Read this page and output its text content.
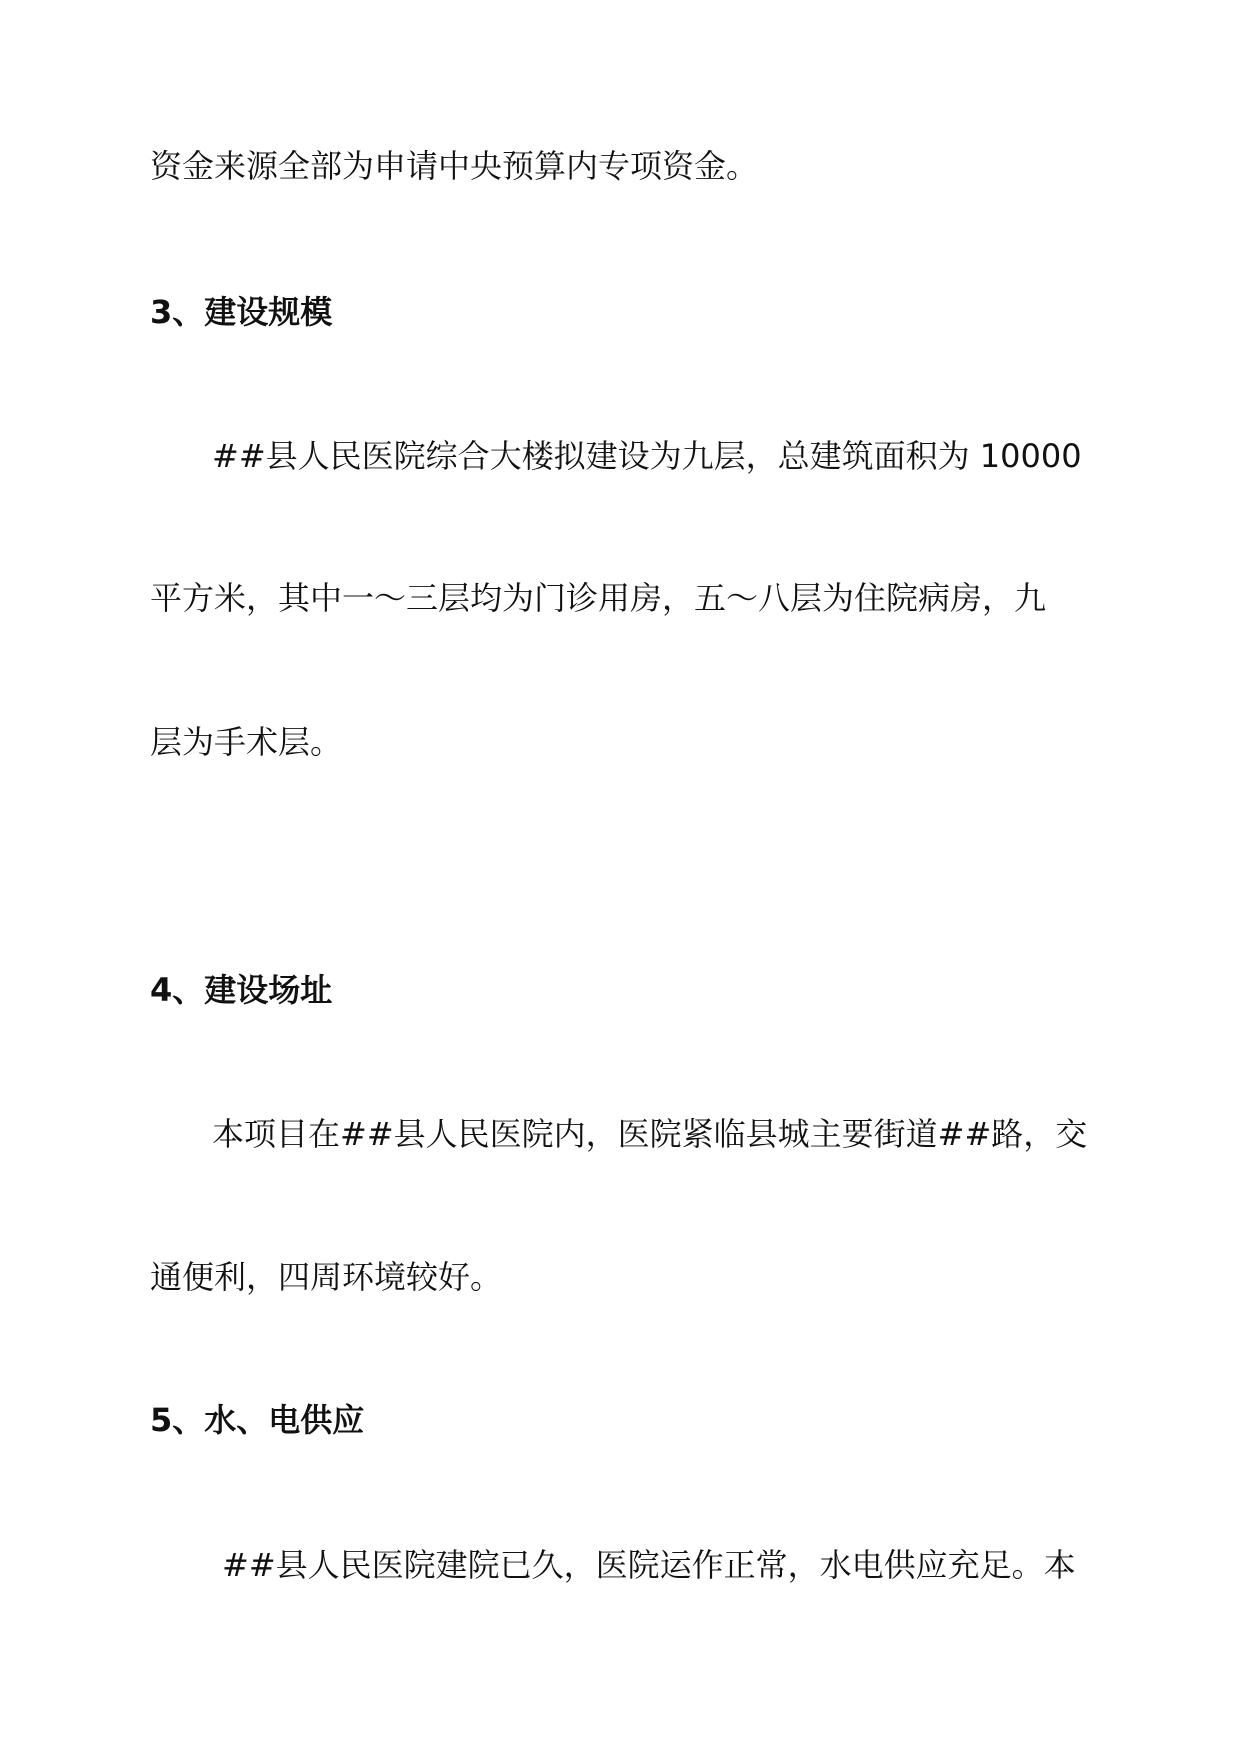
资金来源全部为申请中央预算内专项资金。
3、建设规模
##县人民医院综合大楼拟建设为九层，总建筑面积为 10000
平方米，其中一～三层均为门诊用房，五～八层为住院病房，九
层为手术层。
4、建设场址
本项目在##县人民医院内，医院紧临县城主要街道##路，交
通便利，四周环境较好。
5、水、电供应
##县人民医院建院已久，医院运作正常，水电供应充足。本
